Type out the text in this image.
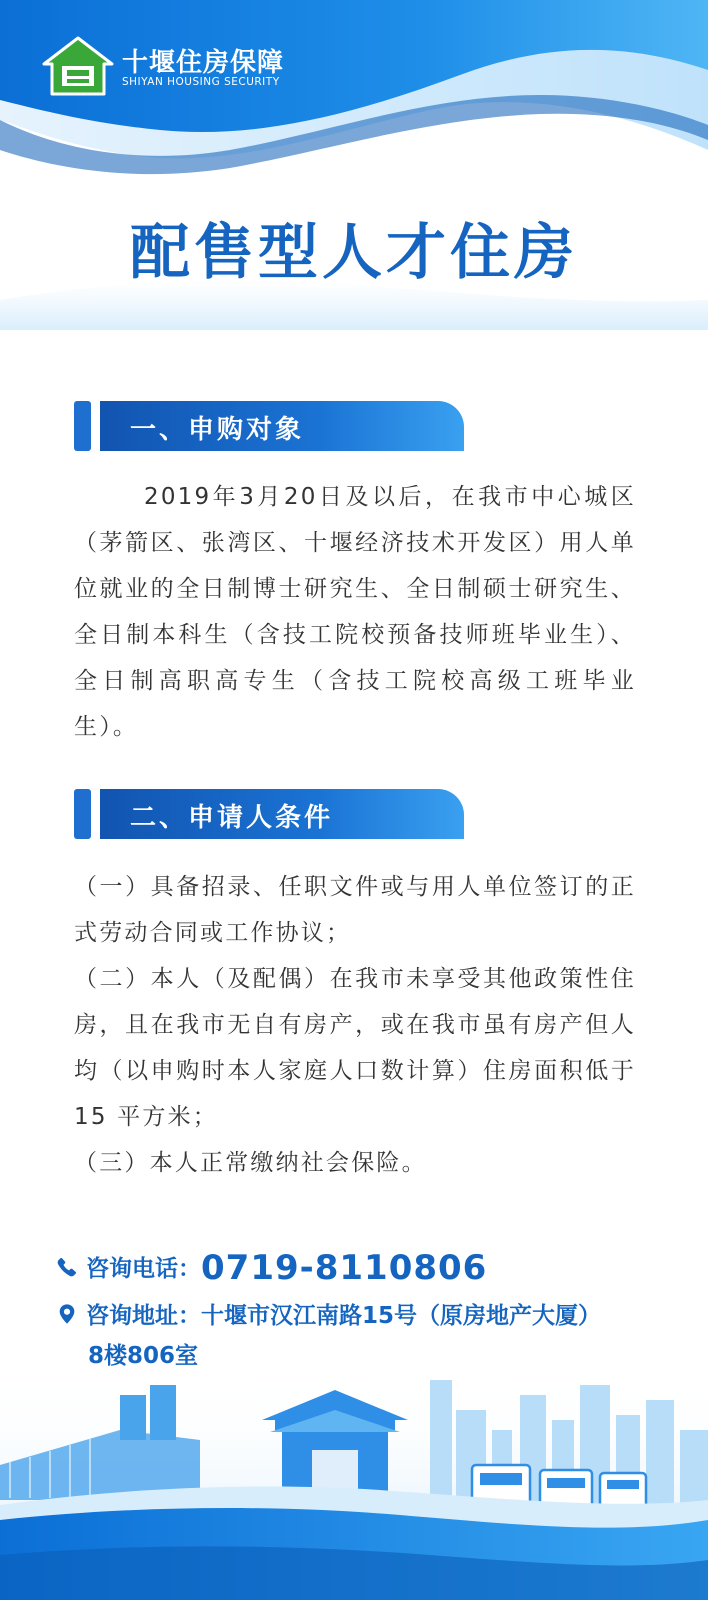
十堰住房保障
SHIYAN HOUSING SECURITY
配售型人才住房
一、申购对象
2019年3月20日及以后，在我市中心城区（茅箭区、张湾区、十堰经济技术开发区）用人单位就业的全日制博士研究生、全日制硕士研究生、全日制本科生（含技工院校预备技师班毕业生）、全日制高职高专生（含技工院校高级工班毕业生）。
二、申请人条件

（一）具备招录、任职文件或与用人单位签订的正式劳动合同或工作协议；

（二）本人（及配偶）在我市未享受其他政策性住房，且在我市无自有房产，或在我市虽有房产但人均（以申购时本人家庭人口数计算）住房面积低于15 平方米；

（三）本人正常缴纳社会保险。

咨询电话：0719-8110806
咨询地址：十堰市汉江南路15号（原房地产大厦）
8楼806室
